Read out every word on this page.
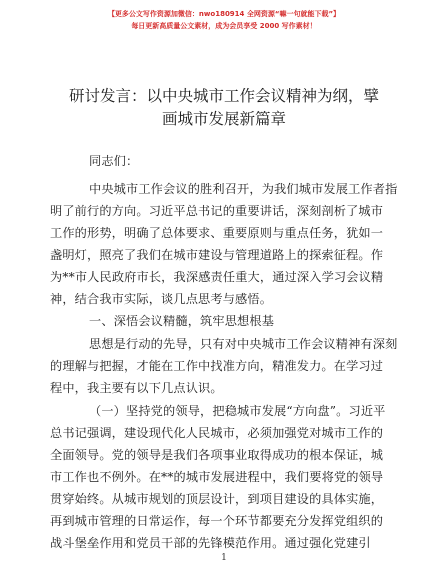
【更多公文写作资源加微信：nwo180914 全网资源“嘛一句就能下载”】
每日更新高质量公文素材，成为会员享受 2000 写作素材！
研讨发言：以中央城市工作会议精神为纲，擘
画城市发展新篇章
同志们：
中央城市工作会议的胜利召开，为我们城市发展工作者指
明了前行的方向。习近平总书记的重要讲话，深刻剖析了城市
工作的形势，明确了总体要求、重要原则与重点任务，犹如一
盏明灯，照亮了我们在城市建设与管理道路上的探索征程。作
为**市人民政府市长，我深感责任重大，通过深入学习会议精
神，结合我市实际，谈几点思考与感悟。
一、深悟会议精髓，筑牢思想根基
思想是行动的先导，只有对中央城市工作会议精神有深刻
的理解与把握，才能在工作中找准方向，精准发力。在学习过
程中，我主要有以下几点认识。
（一）坚持党的领导，把稳城市发展“方向盘”。习近平
总书记强调，建设现代化人民城市，必须加强党对城市工作的
全面领导。党的领导是我们各项事业取得成功的根本保证，城
市工作也不例外。在**的城市发展进程中，我们要将党的领导
贯穿始终。从城市规划的顶层设计，到项目建设的具体实施，
再到城市管理的日常运作，每一个环节都要充分发挥党组织的
战斗堡垒作用和党员干部的先锋模范作用。通过强化党建引
1
